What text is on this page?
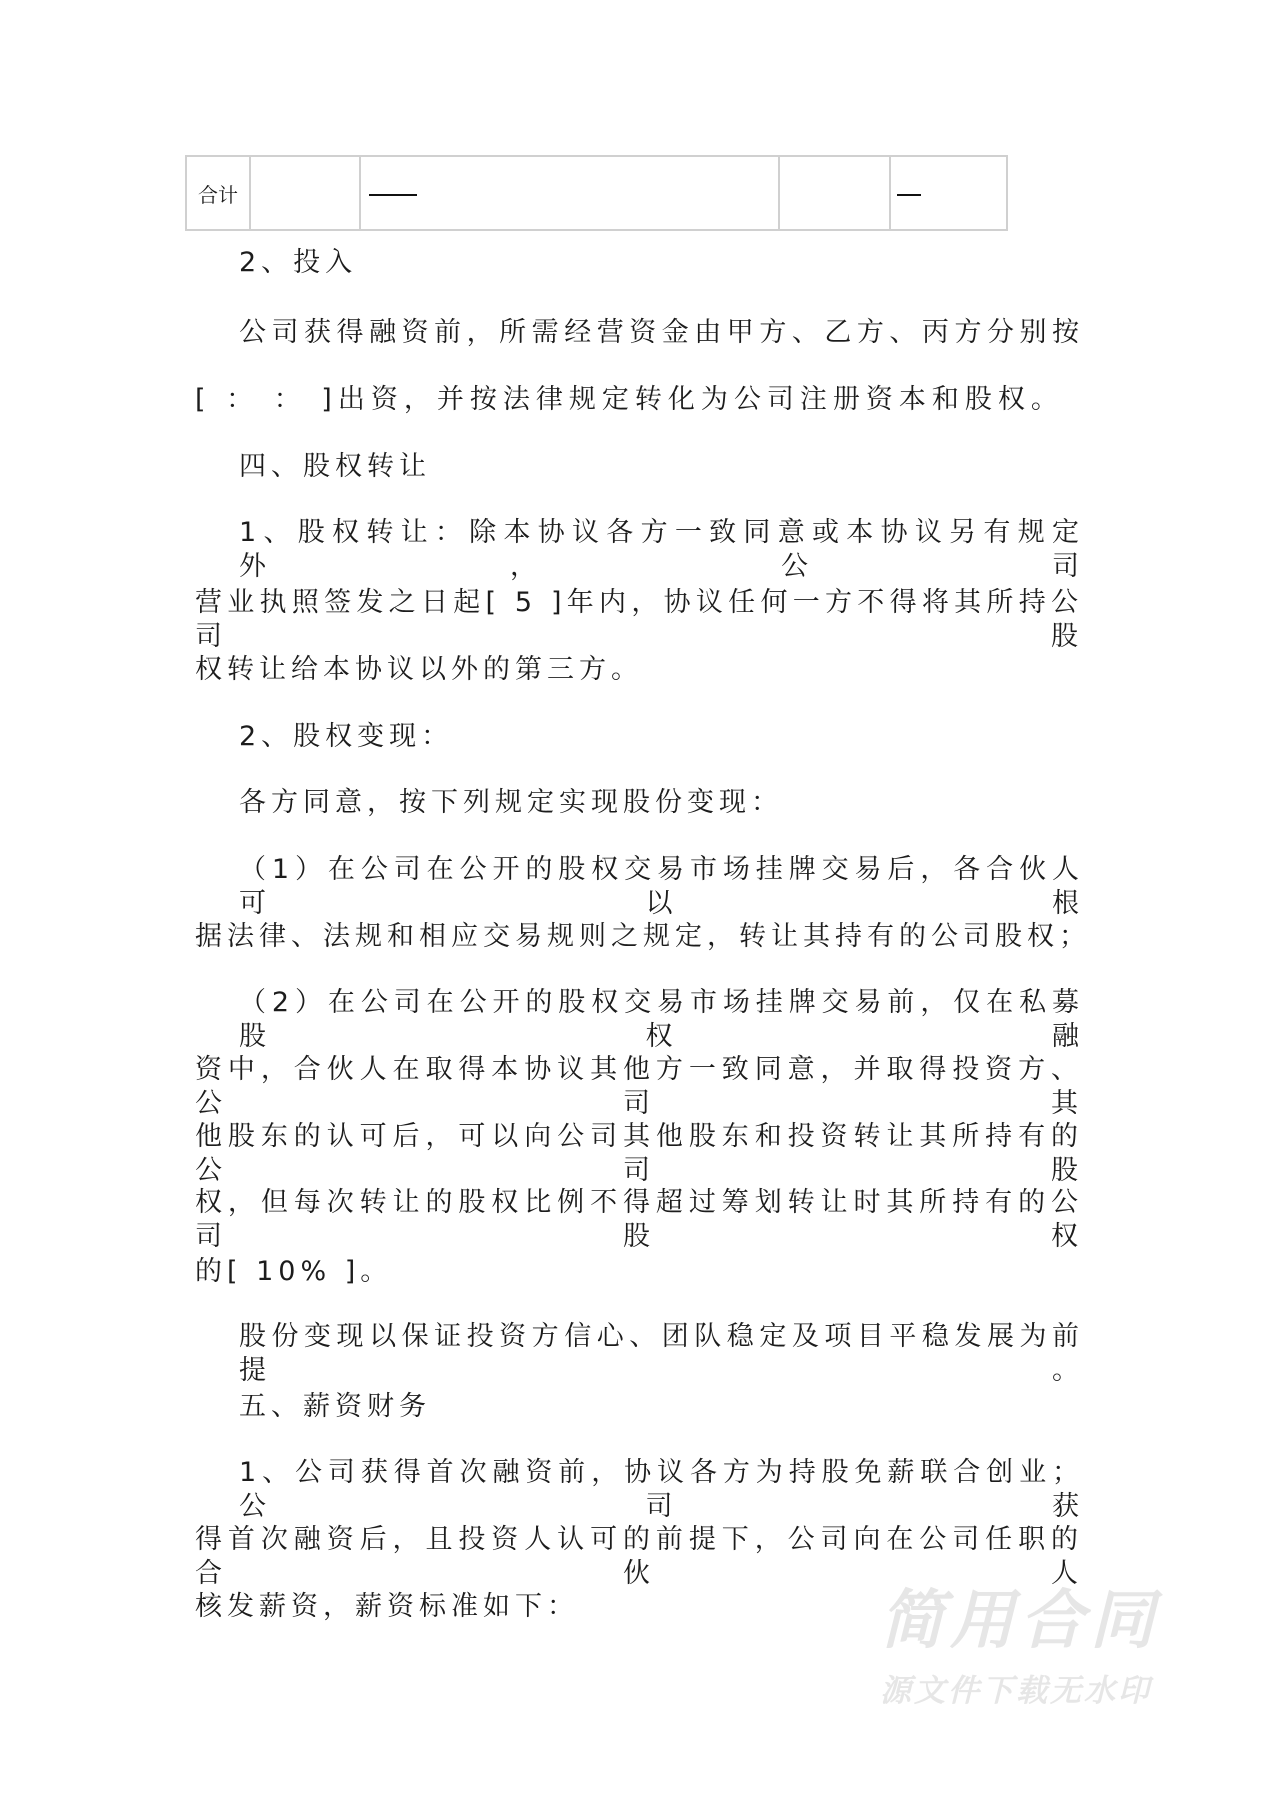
合计				
2、投入
公司获得融资前，所需经营资金由甲方、乙方、丙方分别按
[ ： ： ]出资，并按法律规定转化为公司注册资本和股权。
四、股权转让
1、股权转让：除本协议各方一致同意或本协议另有规定外，公司
营业执照签发之日起[ 5 ]年内，协议任何一方不得将其所持公司股
权转让给本协议以外的第三方。
2、股权变现：
各方同意，按下列规定实现股份变现：
（1）在公司在公开的股权交易市场挂牌交易后，各合伙人可以根
据法律、法规和相应交易规则之规定，转让其持有的公司股权；
（2）在公司在公开的股权交易市场挂牌交易前，仅在私募股权融
资中，合伙人在取得本协议其他方一致同意，并取得投资方、公司其
他股东的认可后，可以向公司其他股东和投资转让其所持有的公司股
权，但每次转让的股权比例不得超过筹划转让时其所持有的公司股权
的[ 10% ]。
股份变现以保证投资方信心、团队稳定及项目平稳发展为前提。
五、薪资财务
1、公司获得首次融资前，协议各方为持股免薪联合创业；公司获
得首次融资后，且投资人认可的前提下，公司向在公司任职的合伙人
核发薪资，薪资标准如下：	简用合同
源文件下载无水印
